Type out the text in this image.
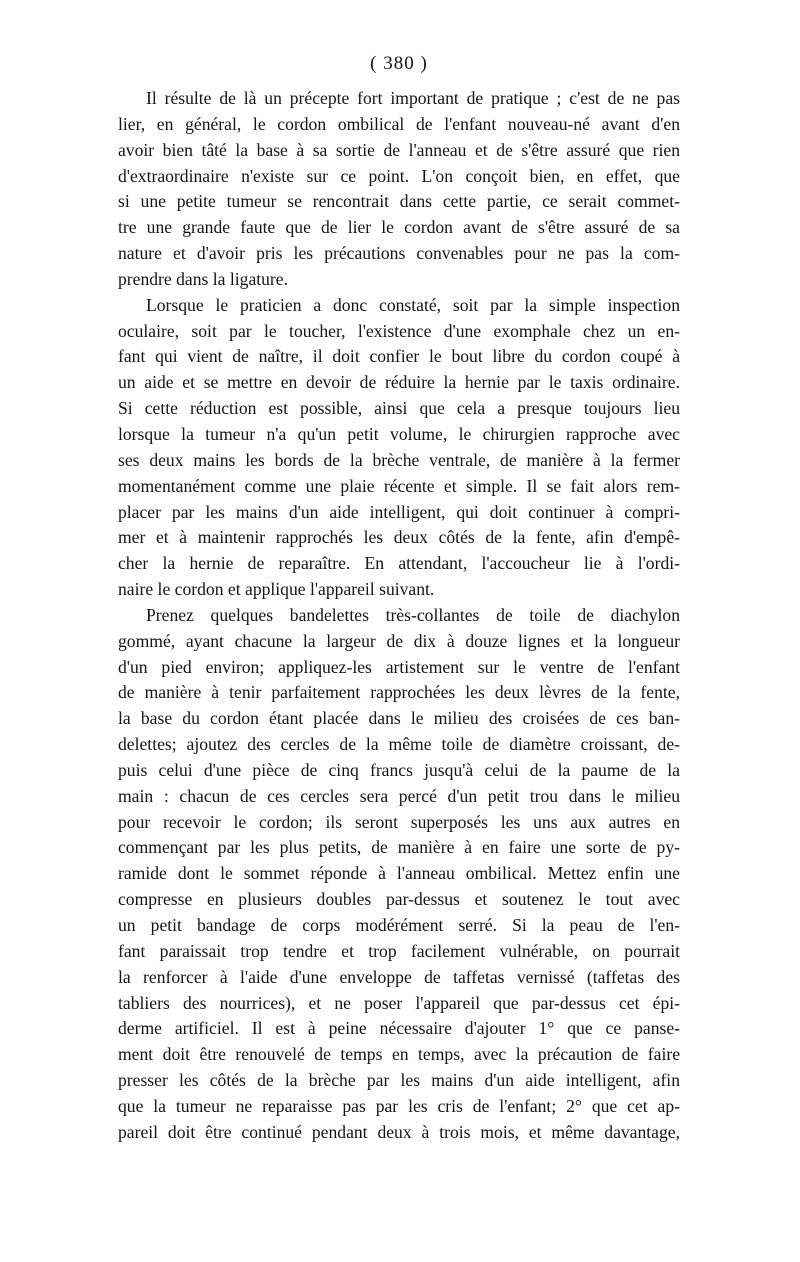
( 380 )
Il résulte de là un précepte fort important de pratique ; c'est de ne pas
lier, en général, le cordon ombilical de l'enfant nouveau-né avant d'en
avoir bien tâté la base à sa sortie de l'anneau et de s'être assuré que rien
d'extraordinaire n'existe sur ce point. L'on conçoit bien, en effet, que
si une petite tumeur se rencontrait dans cette partie, ce serait commet-
tre une grande faute que de lier le cordon avant de s'être assuré de sa
nature et d'avoir pris les précautions convenables pour ne pas la com-
prendre dans la ligature.
Lorsque le praticien a donc constaté, soit par la simple inspection
oculaire, soit par le toucher, l'existence d'une exomphale chez un en-
fant qui vient de naître, il doit confier le bout libre du cordon coupé à
un aide et se mettre en devoir de réduire la hernie par le taxis ordinaire.
Si cette réduction est possible, ainsi que cela a presque toujours lieu
lorsque la tumeur n'a qu'un petit volume, le chirurgien rapproche avec
ses deux mains les bords de la brèche ventrale, de manière à la fermer
momentanément comme une plaie récente et simple. Il se fait alors rem-
placer par les mains d'un aide intelligent, qui doit continuer à compri-
mer et à maintenir rapprochés les deux côtés de la fente, afin d'empê-
cher la hernie de reparaître. En attendant, l'accoucheur lie à l'ordi-
naire le cordon et applique l'appareil suivant.
Prenez quelques bandelettes très-collantes de toile de diachylon
gommé, ayant chacune la largeur de dix à douze lignes et la longueur
d'un pied environ; appliquez-les artistement sur le ventre de l'enfant
de manière à tenir parfaitement rapprochées les deux lèvres de la fente,
la base du cordon étant placée dans le milieu des croisées de ces ban-
delettes; ajoutez des cercles de la même toile de diamètre croissant, de-
puis celui d'une pièce de cinq francs jusqu'à celui de la paume de la
main : chacun de ces cercles sera percé d'un petit trou dans le milieu
pour recevoir le cordon; ils seront superposés les uns aux autres en
commençant par les plus petits, de manière à en faire une sorte de py-
ramide dont le sommet réponde à l'anneau ombilical. Mettez enfin une
compresse en plusieurs doubles par-dessus et soutenez le tout avec
un petit bandage de corps modérément serré. Si la peau de l'en-
fant paraissait trop tendre et trop facilement vulnérable, on pourrait
la renforcer à l'aide d'une enveloppe de taffetas vernissé (taffetas des
tabliers des nourrices), et ne poser l'appareil que par-dessus cet épi-
derme artificiel. Il est à peine nécessaire d'ajouter 1° que ce panse-
ment doit être renouvelé de temps en temps, avec la précaution de faire
presser les côtés de la brèche par les mains d'un aide intelligent, afin
que la tumeur ne reparaisse pas par les cris de l'enfant; 2° que cet ap-
pareil doit être continué pendant deux à trois mois, et même davantage,
